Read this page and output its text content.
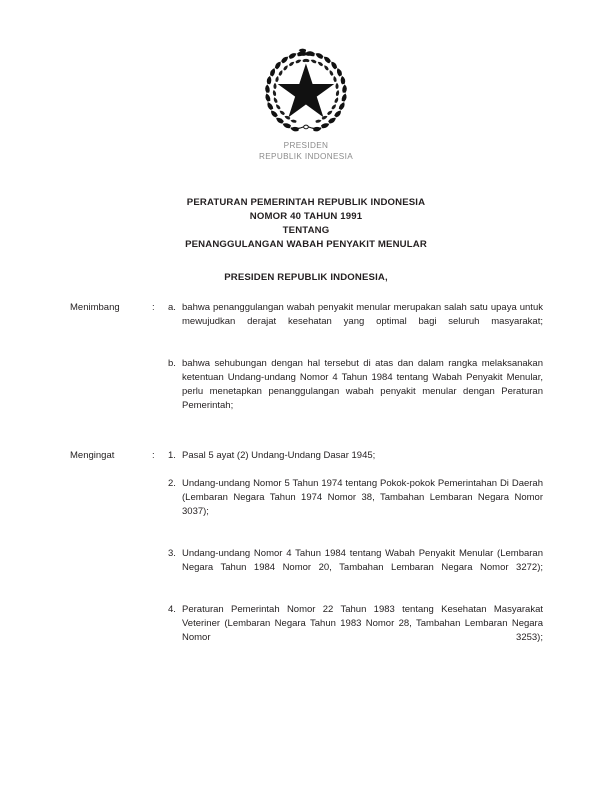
PRESIDEN
REPUBLIK INDONESIA
PERATURAN PEMERINTAH REPUBLIK INDONESIA
NOMOR 40 TAHUN 1991
TENTANG
PENANGGULANGAN WABAH PENYAKIT MENULAR
PRESIDEN REPUBLIK INDONESIA,
Menimbang	:	a. bahwa penanggulangan wabah penyakit menular merupakan salah satu upaya untuk mewujudkan derajat kesehatan yang optimal bagi seluruh masyarakat;
b. bahwa sehubungan dengan hal tersebut di atas dan dalam rangka melaksanakan ketentuan Undang-undang Nomor 4 Tahun 1984 tentang Wabah Penyakit Menular, perlu menetapkan penanggulangan wabah penyakit menular dengan Peraturan Pemerintah;
Mengingat	:	1. Pasal 5 ayat (2) Undang-Undang Dasar 1945;
2. Undang-undang Nomor 5 Tahun 1974 tentang Pokok-pokok Pemerintahan Di Daerah (Lembaran Negara Tahun 1974 Nomor 38, Tambahan Lembaran Negara Nomor 3037);
3. Undang-undang Nomor 4 Tahun 1984 tentang Wabah Penyakit Menular (Lembaran Negara Tahun 1984 Nomor 20, Tambahan Lembaran Negara Nomor 3272);
4. Peraturan Pemerintah Nomor 22 Tahun 1983 tentang Kesehatan Masyarakat Veteriner (Lembaran Negara Tahun 1983 Nomor 28, Tambahan Lembaran Negara Nomor 3253);
